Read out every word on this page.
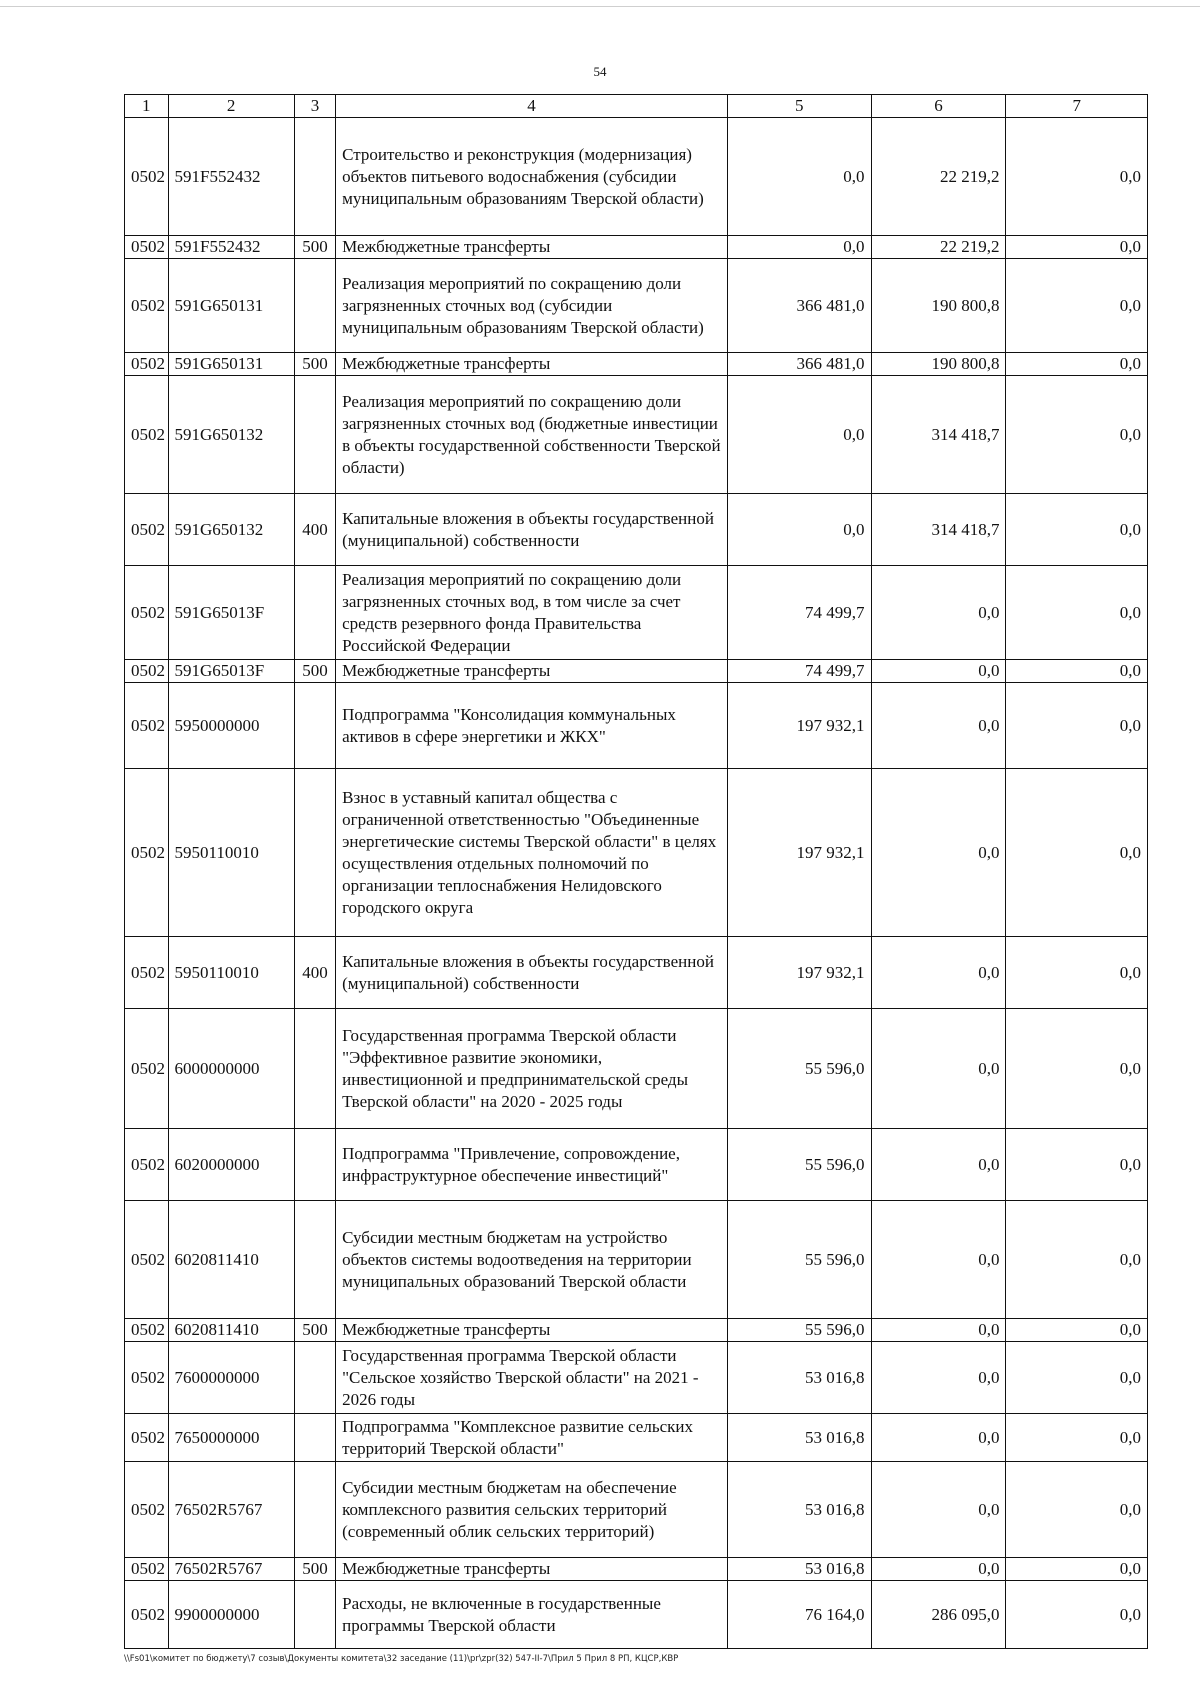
54
1	2	3	4	5	6	7
0502	591F552432		Строительство и реконструкция (модернизация) объектов питьевого водоснабжения (субсидии муниципальным образованиям Тверской области)	0,0	22 219,2	0,0
0502	591F552432	500	Межбюджетные трансферты	0,0	22 219,2	0,0
0502	591G650131		Реализация мероприятий по сокращению доли загрязненных сточных вод (субсидии муниципальным образованиям Тверской области)	366 481,0	190 800,8	0,0
0502	591G650131	500	Межбюджетные трансферты	366 481,0	190 800,8	0,0
0502	591G650132		Реализация мероприятий по сокращению доли загрязненных сточных вод (бюджетные инвестиции в объекты государственной собственности Тверской области)	0,0	314 418,7	0,0
0502	591G650132	400	Капитальные вложения в объекты государственной (муниципальной) собственности	0,0	314 418,7	0,0
0502	591G65013F		Реализация мероприятий по сокращению доли загрязненных сточных вод, в том числе за счет средств резервного фонда Правительства Российской Федерации	74 499,7	0,0	0,0
0502	591G65013F	500	Межбюджетные трансферты	74 499,7	0,0	0,0
0502	5950000000		Подпрограмма "Консолидация коммунальных активов в сфере энергетики и ЖКХ"	197 932,1	0,0	0,0
0502	5950110010		Взнос в уставный капитал общества с ограниченной ответственностью "Объединенные энергетические системы Тверской области" в целях осуществления отдельных полномочий по организации теплоснабжения Нелидовского городского округа	197 932,1	0,0	0,0
0502	5950110010	400	Капитальные вложения в объекты государственной (муниципальной) собственности	197 932,1	0,0	0,0
0502	6000000000		Государственная программа Тверской области "Эффективное развитие экономики, инвестиционной и предпринимательской среды Тверской области" на 2020 - 2025 годы	55 596,0	0,0	0,0
0502	6020000000		Подпрограмма "Привлечение, сопровождение, инфраструктурное обеспечение инвестиций"	55 596,0	0,0	0,0
0502	6020811410		Субсидии местным бюджетам на устройство объектов системы водоотведения на территории муниципальных образований Тверской области	55 596,0	0,0	0,0
0502	6020811410	500	Межбюджетные трансферты	55 596,0	0,0	0,0
0502	7600000000		Государственная программа Тверской области "Сельское хозяйство Тверской области" на 2021 - 2026 годы	53 016,8	0,0	0,0
0502	7650000000		Подпрограмма "Комплексное развитие сельских территорий Тверской области"	53 016,8	0,0	0,0
0502	76502R5767		Субсидии местным бюджетам на обеспечение комплексного развития сельских территорий (современный облик сельских территорий)	53 016,8	0,0	0,0
0502	76502R5767	500	Межбюджетные трансферты	53 016,8	0,0	0,0
0502	9900000000		Расходы, не включенные в государственные программы Тверской области	76 164,0	286 095,0	0,0
\\Fs01\комитет по бюджету\7 созыв\Документы комитета\32 заседание (11)\pr\zpr(32) 547-II-7\Прил 5 Прил 8 РП, КЦСР,КВР
